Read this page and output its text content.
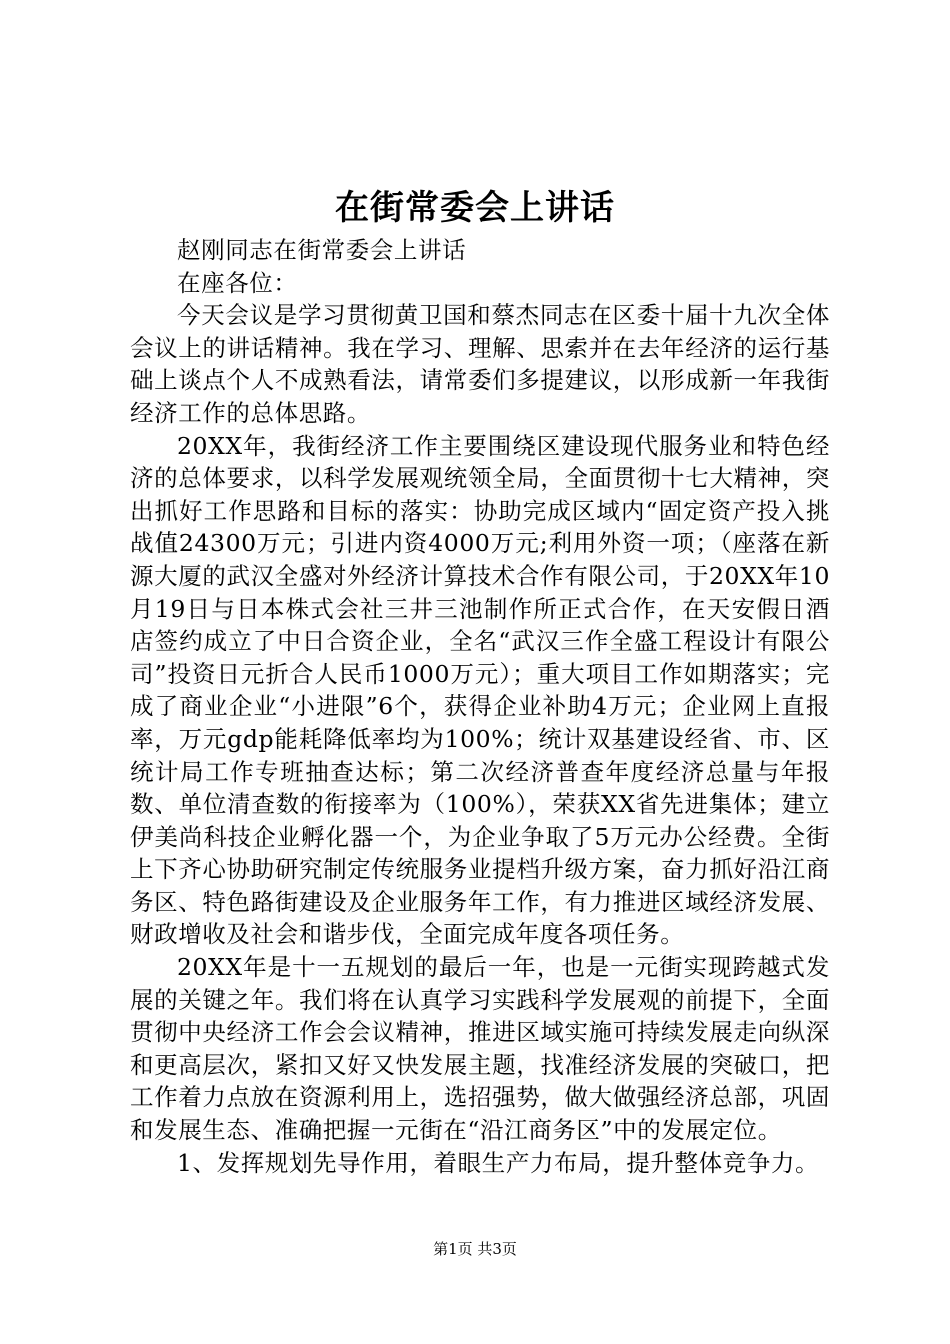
在街常委会上讲话

赵刚同志在街常委会上讲话

在座各位：

今天会议是学习贯彻黄卫国和蔡杰同志在区委十届十九次全体会议上的讲话精神。我在学习、理解、思索并在去年经济的运行基础上谈点个人不成熟看法，请常委们多提建议，以形成新一年我街经济工作的总体思路。

20XX年，我街经济工作主要围绕区建设现代服务业和特色经济的总体要求，以科学发展观统领全局，全面贯彻十七大精神，突出抓好工作思路和目标的落实：协助完成区域内“固定资产投入挑战值24300万元；引进内资4000万元;利用外资一项；（座落在新源大厦的武汉全盛对外经济计算技术合作有限公司，于20XX年10月19日与日本株式会社三井三池制作所正式合作，在天安假日酒店签约成立了中日合资企业，全名“武汉三作全盛工程设计有限公司”投资日元折合人民币1000万元）；重大项目工作如期落实；完成了商业企业“小进限”6个，获得企业补助4万元；企业网上直报率，万元gdp能耗降低率均为100%；统计双基建设经省、市、区统计局工作专班抽查达标；第二次经济普查年度经济总量与年报数、单位清查数的衔接率为（100%），荣获XX省先进集体；建立伊美尚科技企业孵化器一个，为企业争取了5万元办公经费。全街上下齐心协助研究制定传统服务业提档升级方案，奋力抓好沿江商务区、特色路街建设及企业服务年工作，有力推进区域经济发展、财政增收及社会和谐步伐，全面完成年度各项任务。

20XX年是十一五规划的最后一年，也是一元街实现跨越式发展的关键之年。我们将在认真学习实践科学发展观的前提下，全面贯彻中央经济工作会会议精神，推进区域实施可持续发展走向纵深和更高层次，紧扣又好又快发展主题，找准经济发展的突破口，把工作着力点放在资源利用上，选招强势，做大做强经济总部，巩固和发展生态、准确把握一元街在“沿江商务区”中的发展定位。

1、发挥规划先导作用，着眼生产力布局，提升整体竞争力。

第1页 共3页
